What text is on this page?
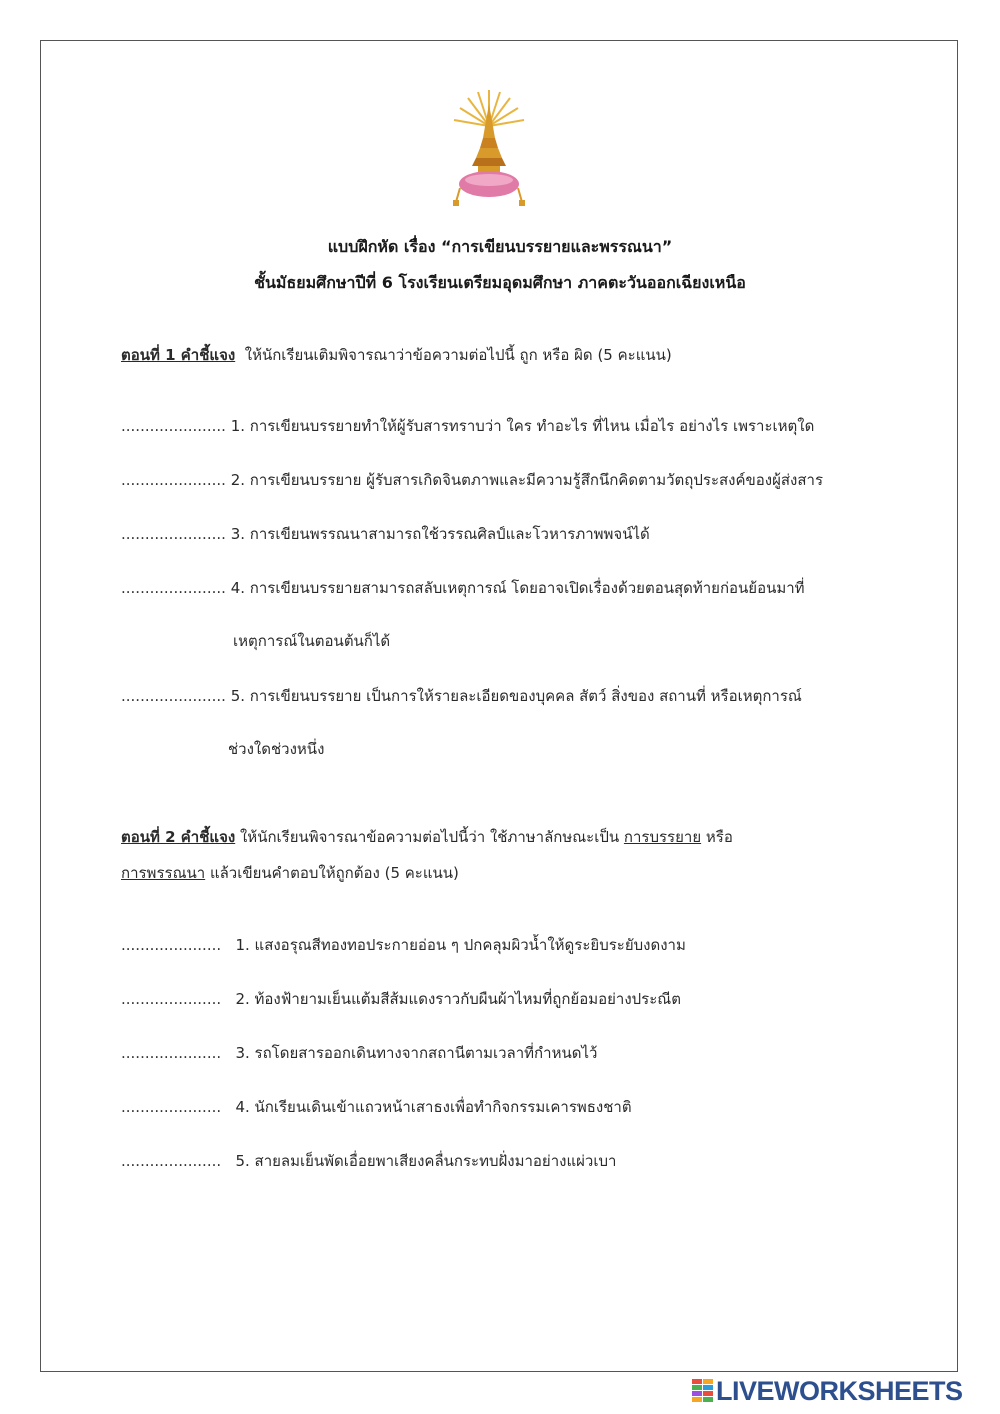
แบบฝึกหัด เรื่อง “การเขียนบรรยายและพรรณนา”
ชั้นมัธยมศึกษาปีที่ 6 โรงเรียนเตรียมอุดมศึกษา ภาคตะวันออกเฉียงเหนือ
ตอนที่ 1 คำชี้แจง ให้นักเรียนเติมพิจารณาว่าข้อความต่อไปนี้ ถูก หรือ ผิด (5 คะแนน)
...................... 1. การเขียนบรรยายทำให้ผู้รับสารทราบว่า ใคร ทำอะไร ที่ไหน เมื่อไร อย่างไร เพราะเหตุใด
...................... 2. การเขียนบรรยาย ผู้รับสารเกิดจินตภาพและมีความรู้สึกนึกคิดตามวัตถุประสงค์ของผู้ส่งสาร
...................... 3. การเขียนพรรณนาสามารถใช้วรรณศิลป์และโวหารภาพพจน์ได้
...................... 4. การเขียนบรรยายสามารถสลับเหตุการณ์ โดยอาจเปิดเรื่องด้วยตอนสุดท้ายก่อนย้อนมาที่
เหตุการณ์ในตอนต้นก็ได้
...................... 5. การเขียนบรรยาย เป็นการให้รายละเอียดของบุคคล สัตว์ สิ่งของ สถานที่ หรือเหตุการณ์
ช่วงใดช่วงหนึ่ง
ตอนที่ 2 คำชี้แจง ให้นักเรียนพิจารณาข้อความต่อไปนี้ว่า ใช้ภาษาลักษณะเป็น การบรรยาย หรือ
การพรรณนา แล้วเขียนคำตอบให้ถูกต้อง (5 คะแนน)
..................... 1. แสงอรุณสีทองทอประกายอ่อน ๆ ปกคลุมผิวน้ำให้ดูระยิบระยับงดงาม
..................... 2. ท้องฟ้ายามเย็นแต้มสีส้มแดงราวกับผืนผ้าไหมที่ถูกย้อมอย่างประณีต
..................... 3. รถโดยสารออกเดินทางจากสถานีตามเวลาที่กำหนดไว้
..................... 4. นักเรียนเดินเข้าแถวหน้าเสาธงเพื่อทำกิจกรรมเคารพธงชาติ
..................... 5. สายลมเย็นพัดเอื่อยพาเสียงคลื่นกระทบฝั่งมาอย่างแผ่วเบา
LIVEWORKSHEETS
